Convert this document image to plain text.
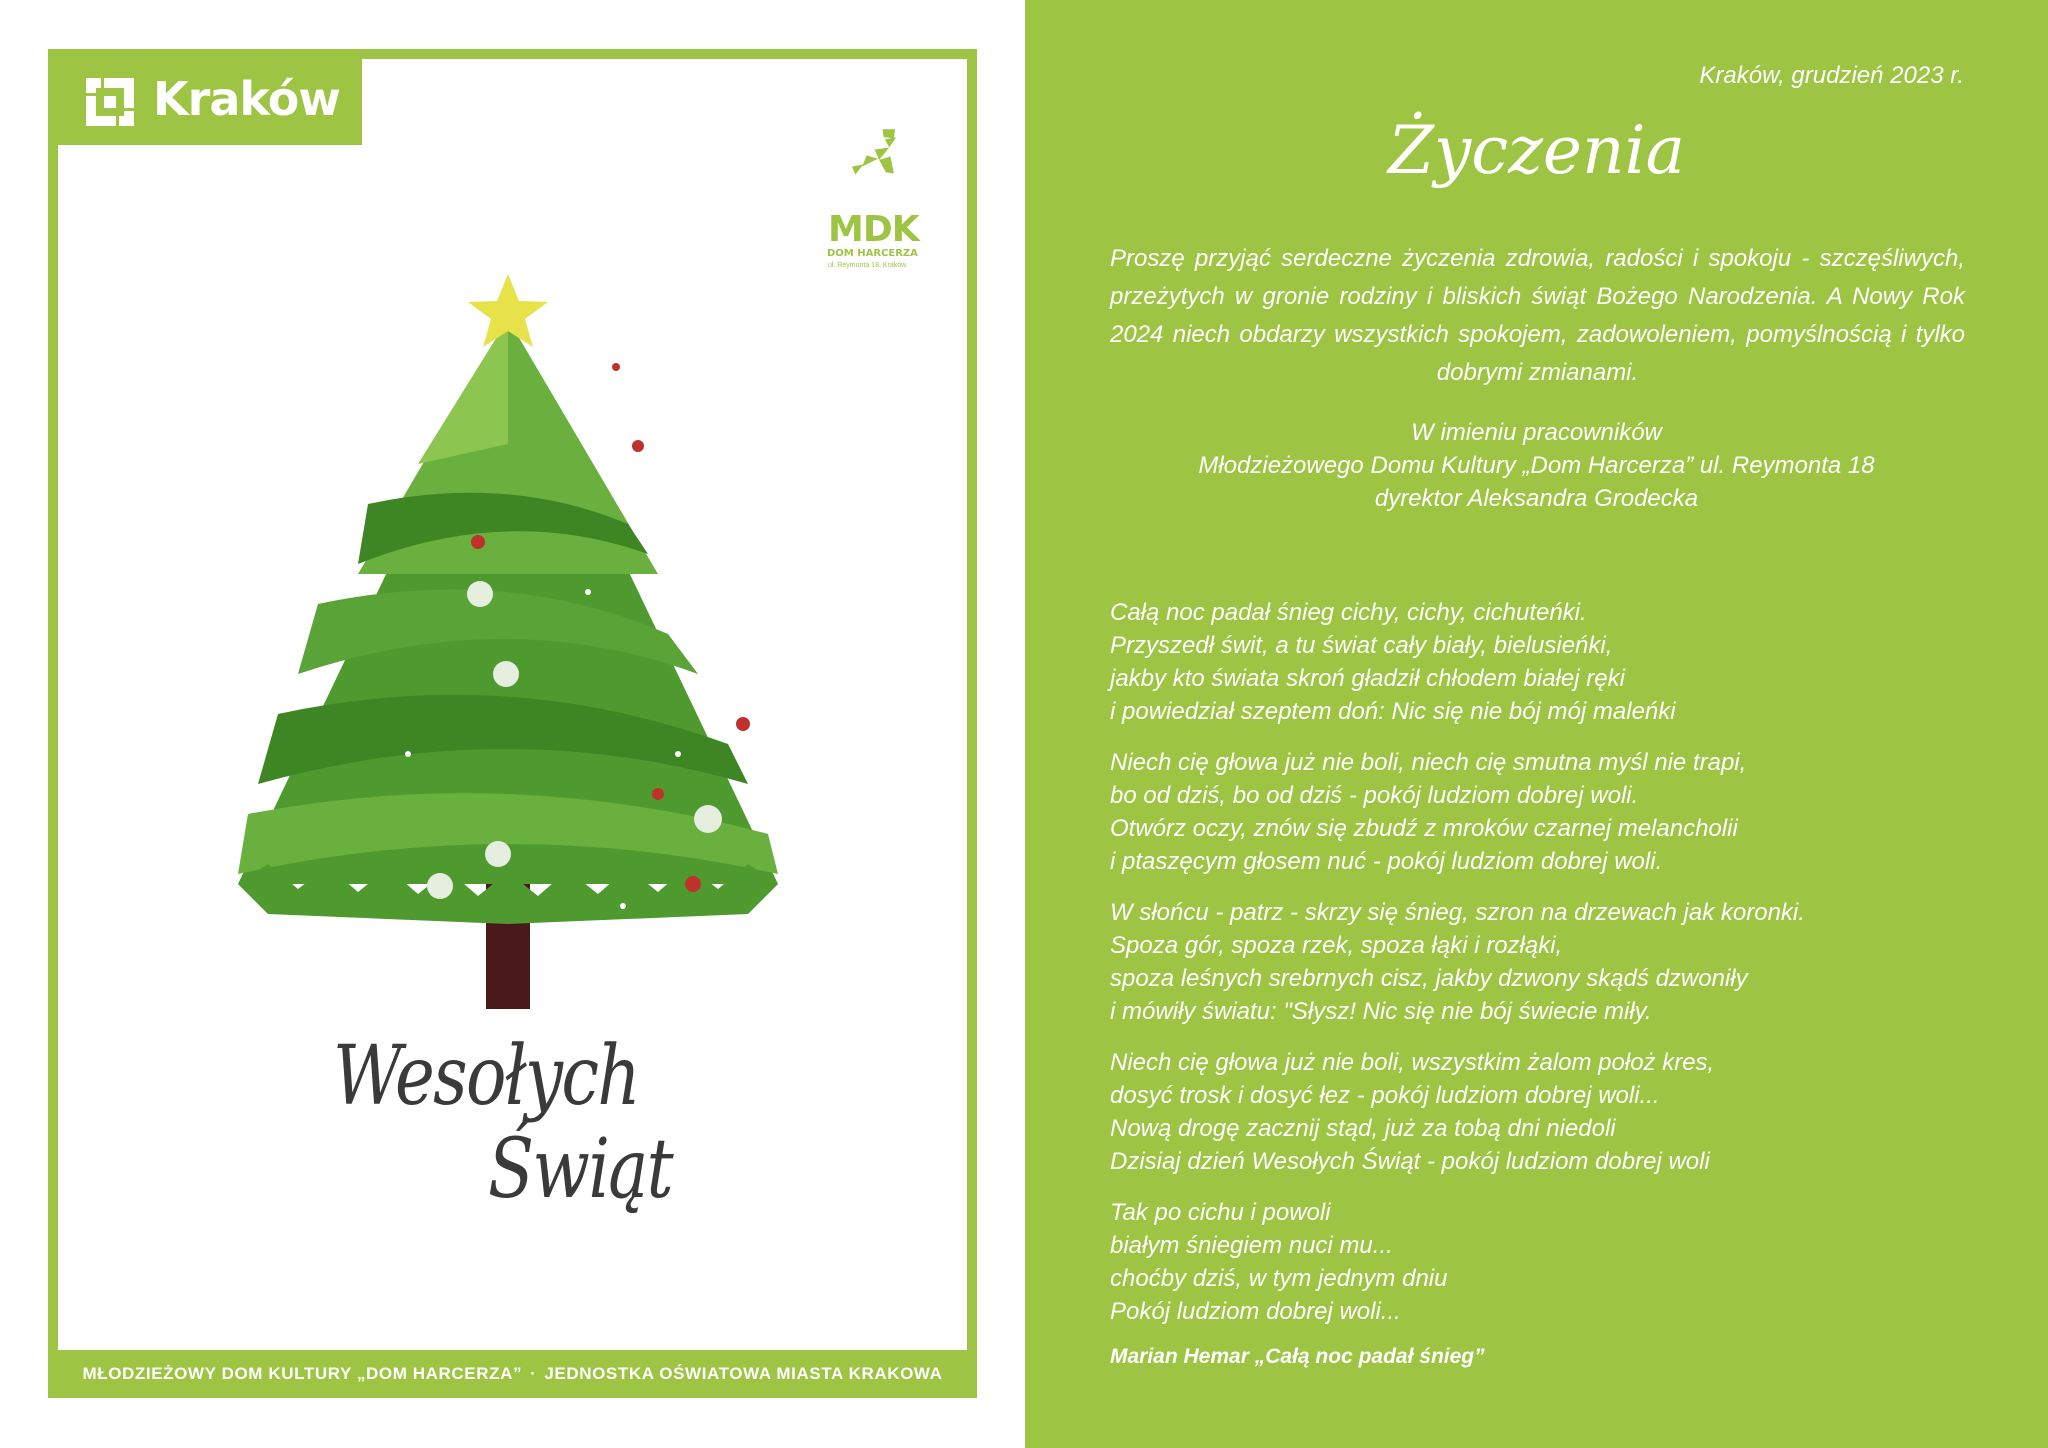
Kraków
MDK
DOM HARCERZA
ul. Reymonta 18, Kraków
Wesołych
Świąt
MŁODZIEŻOWY DOM KULTURY „DOM HARCERZA” · JEDNOSTKA OŚWIATOWA MIASTA KRAKOWA
Kraków, grudzień 2023 r.
Życzenia
Proszę przyjąć serdeczne życzenia zdrowia, radości i spokoju - szczęśliwych, przeżytych w gronie rodziny i bliskich świąt Bożego Narodzenia. A Nowy Rok 2024 niech obdarzy wszystkich spokojem, zadowoleniem, pomyślnością i tylko dobrymi zmianami.
W imieniu pracowników
Młodzieżowego Domu Kultury „Dom Harcerza” ul. Reymonta 18
dyrektor Aleksandra Grodecka
Całą noc padał śnieg cichy, cichy, cichuteńki.
Przyszedł świt, a tu świat cały biały, bielusieńki,
jakby kto świata skroń gładził chłodem białej ręki
i powiedział szeptem doń: Nic się nie bój mój maleńki
Niech cię głowa już nie boli, niech cię smutna myśl nie trapi,
bo od dziś, bo od dziś - pokój ludziom dobrej woli.
Otwórz oczy, znów się zbudź z mroków czarnej melancholii
i ptaszęcym głosem nuć - pokój ludziom dobrej woli.
W słońcu - patrz - skrzy się śnieg, szron na drzewach jak koronki.
Spoza gór, spoza rzek, spoza łąki i rozłąki,
spoza leśnych srebrnych cisz, jakby dzwony skądś dzwoniły
i mówiły światu: "Słysz! Nic się nie bój świecie miły.
Niech cię głowa już nie boli, wszystkim żalom położ kres,
dosyć trosk i dosyć łez - pokój ludziom dobrej woli...
Nową drogę zacznij stąd, już za tobą dni niedoli
Dzisiaj dzień Wesołych Świąt - pokój ludziom dobrej woli
Tak po cichu i powoli
białym śniegiem nuci mu...
choćby dziś, w tym jednym dniu
Pokój ludziom dobrej woli...
Marian Hemar „Całą noc padał śnieg”
